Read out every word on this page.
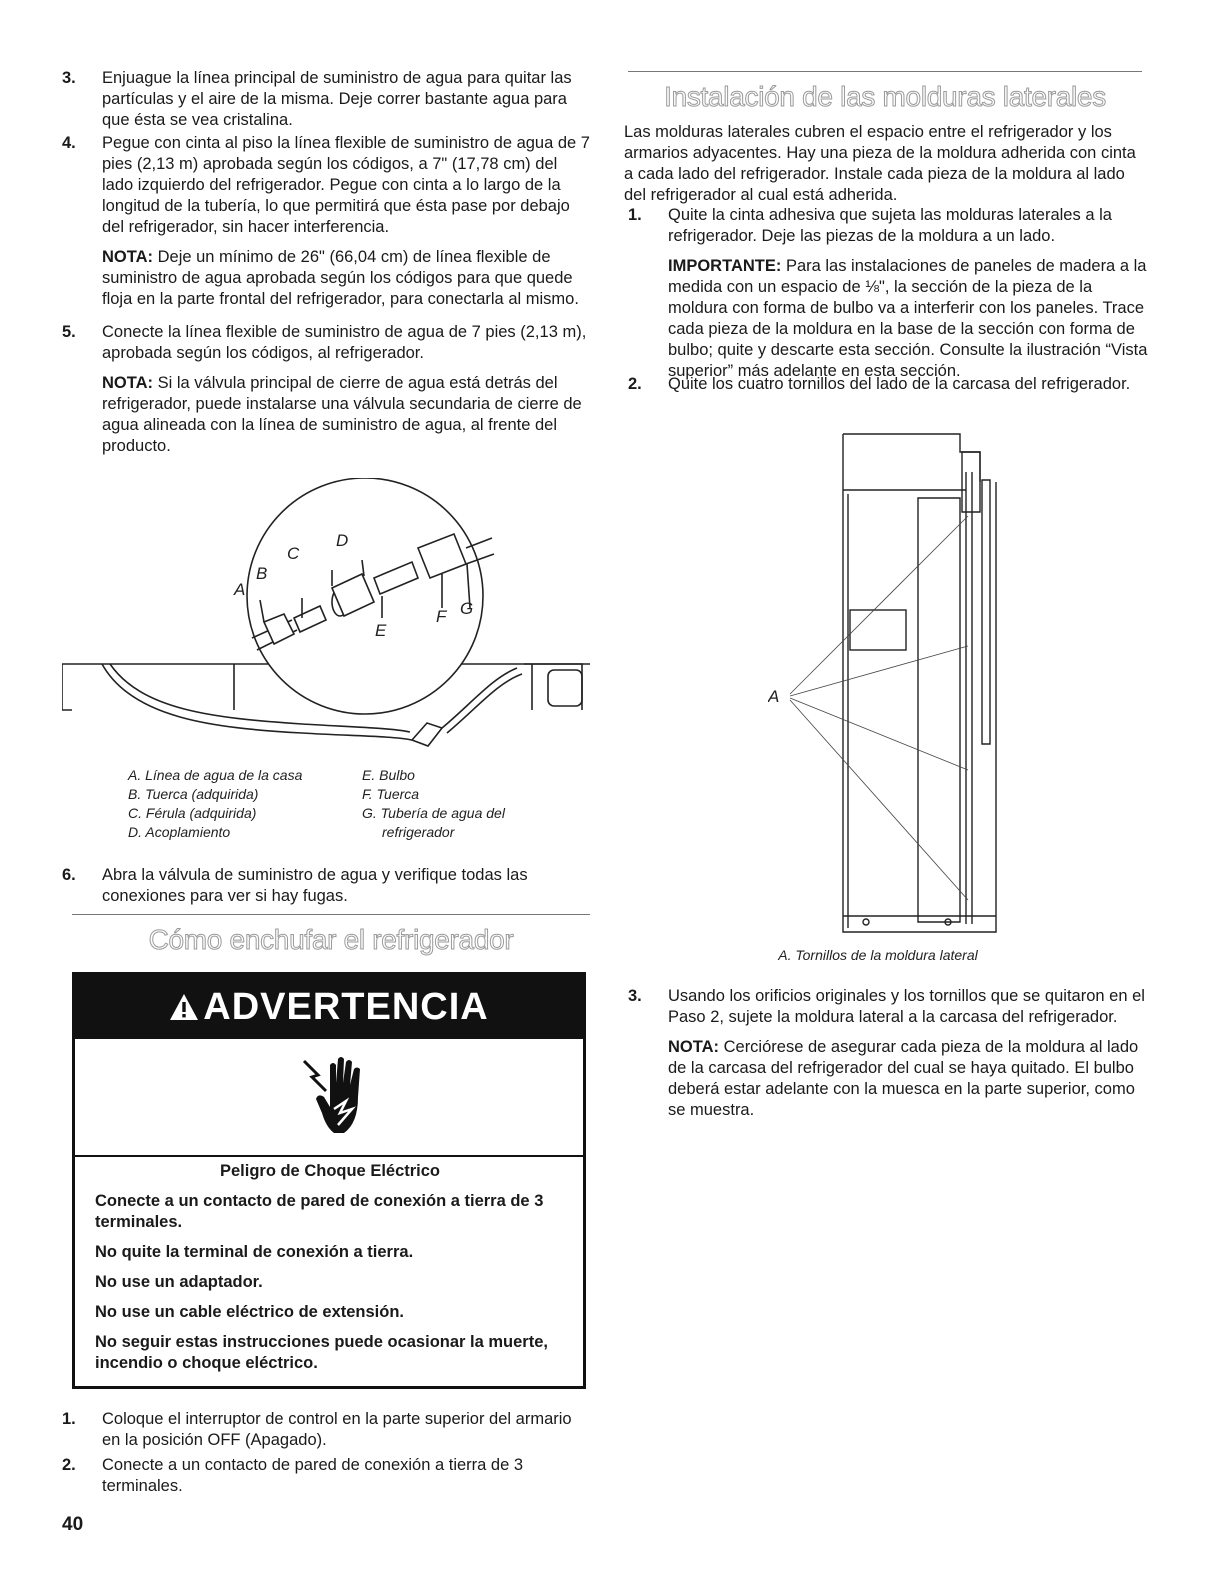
3. Enjuague la línea principal de suministro de agua para quitar las partículas y el aire de la misma. Deje correr bastante agua para que ésta se vea cristalina.

4. Pegue con cinta al piso la línea flexible de suministro de agua de 7 pies (2,13 m) aprobada según los códigos, a 7" (17,78 cm) del lado izquierdo del refrigerador. Pegue con cinta a lo largo de la longitud de la tubería, lo que permitirá que ésta pase por debajo del refrigerador, sin hacer interferencia.

NOTA: Deje un mínimo de 26" (66,04 cm) de línea flexible de suministro de agua aprobada según los códigos para que quede floja en la parte frontal del refrigerador, para conectarla al mismo.

5. Conecte la línea flexible de suministro de agua de 7 pies (2,13 m), aprobada según los códigos, al refrigerador.

NOTA: Si la válvula principal de cierre de agua está detrás del refrigerador, puede instalarse una válvula secundaria de cierre de agua alineada con la línea de suministro de agua, al frente del producto.

A
B
C
D
E
F G
A. Línea de agua de la casa
B. Tuerca (adquirida)
C. Férula (adquirida)
D. Acoplamiento
E. Bulbo
F. Tuerca
G. Tubería de agua del
refrigerador
6. Abra la válvula de suministro de agua y verifique todas las conexiones para ver si hay fugas.

Cómo enchufar el refrigerador
ADVERTENCIA

Peligro de Choque Eléctrico

Conecte a un contacto de pared de conexión a tierra de 3 terminales.

No quite la terminal de conexión a tierra.

No use un adaptador.

No use un cable eléctrico de extensión.

No seguir estas instrucciones puede ocasionar la muerte, incendio o choque eléctrico.

1. Coloque el interruptor de control en la parte superior del armario en la posición OFF (Apagado).

2. Conecte a un contacto de pared de conexión a tierra de 3 terminales.

Instalación de las molduras laterales

Las molduras laterales cubren el espacio entre el refrigerador y los armarios adyacentes. Hay una pieza de la moldura adherida con cinta a cada lado del refrigerador. Instale cada pieza de la moldura al lado del refrigerador al cual está adherida.

1. Quite la cinta adhesiva que sujeta las molduras laterales a la refrigerador. Deje las piezas de la moldura a un lado.

IMPORTANTE: Para las instalaciones de paneles de madera a la medida con un espacio de ⅛", la sección de la pieza de la moldura con forma de bulbo va a interferir con los paneles. Trace cada pieza de la moldura en la base de la sección con forma de bulbo; quite y descarte esta sección. Consulte la ilustración “Vista superior” más adelante en esta sección.

2. Quite los cuatro tornillos del lado de la carcasa del refrigerador.

A
A. Tornillos de la moldura lateral
3. Usando los orificios originales y los tornillos que se quitaron en el Paso 2, sujete la moldura lateral a la carcasa del refrigerador.

NOTA: Cerciórese de asegurar cada pieza de la moldura al lado de la carcasa del refrigerador del cual se haya quitado. El bulbo deberá estar adelante con la muesca en la parte superior, como se muestra.

40
